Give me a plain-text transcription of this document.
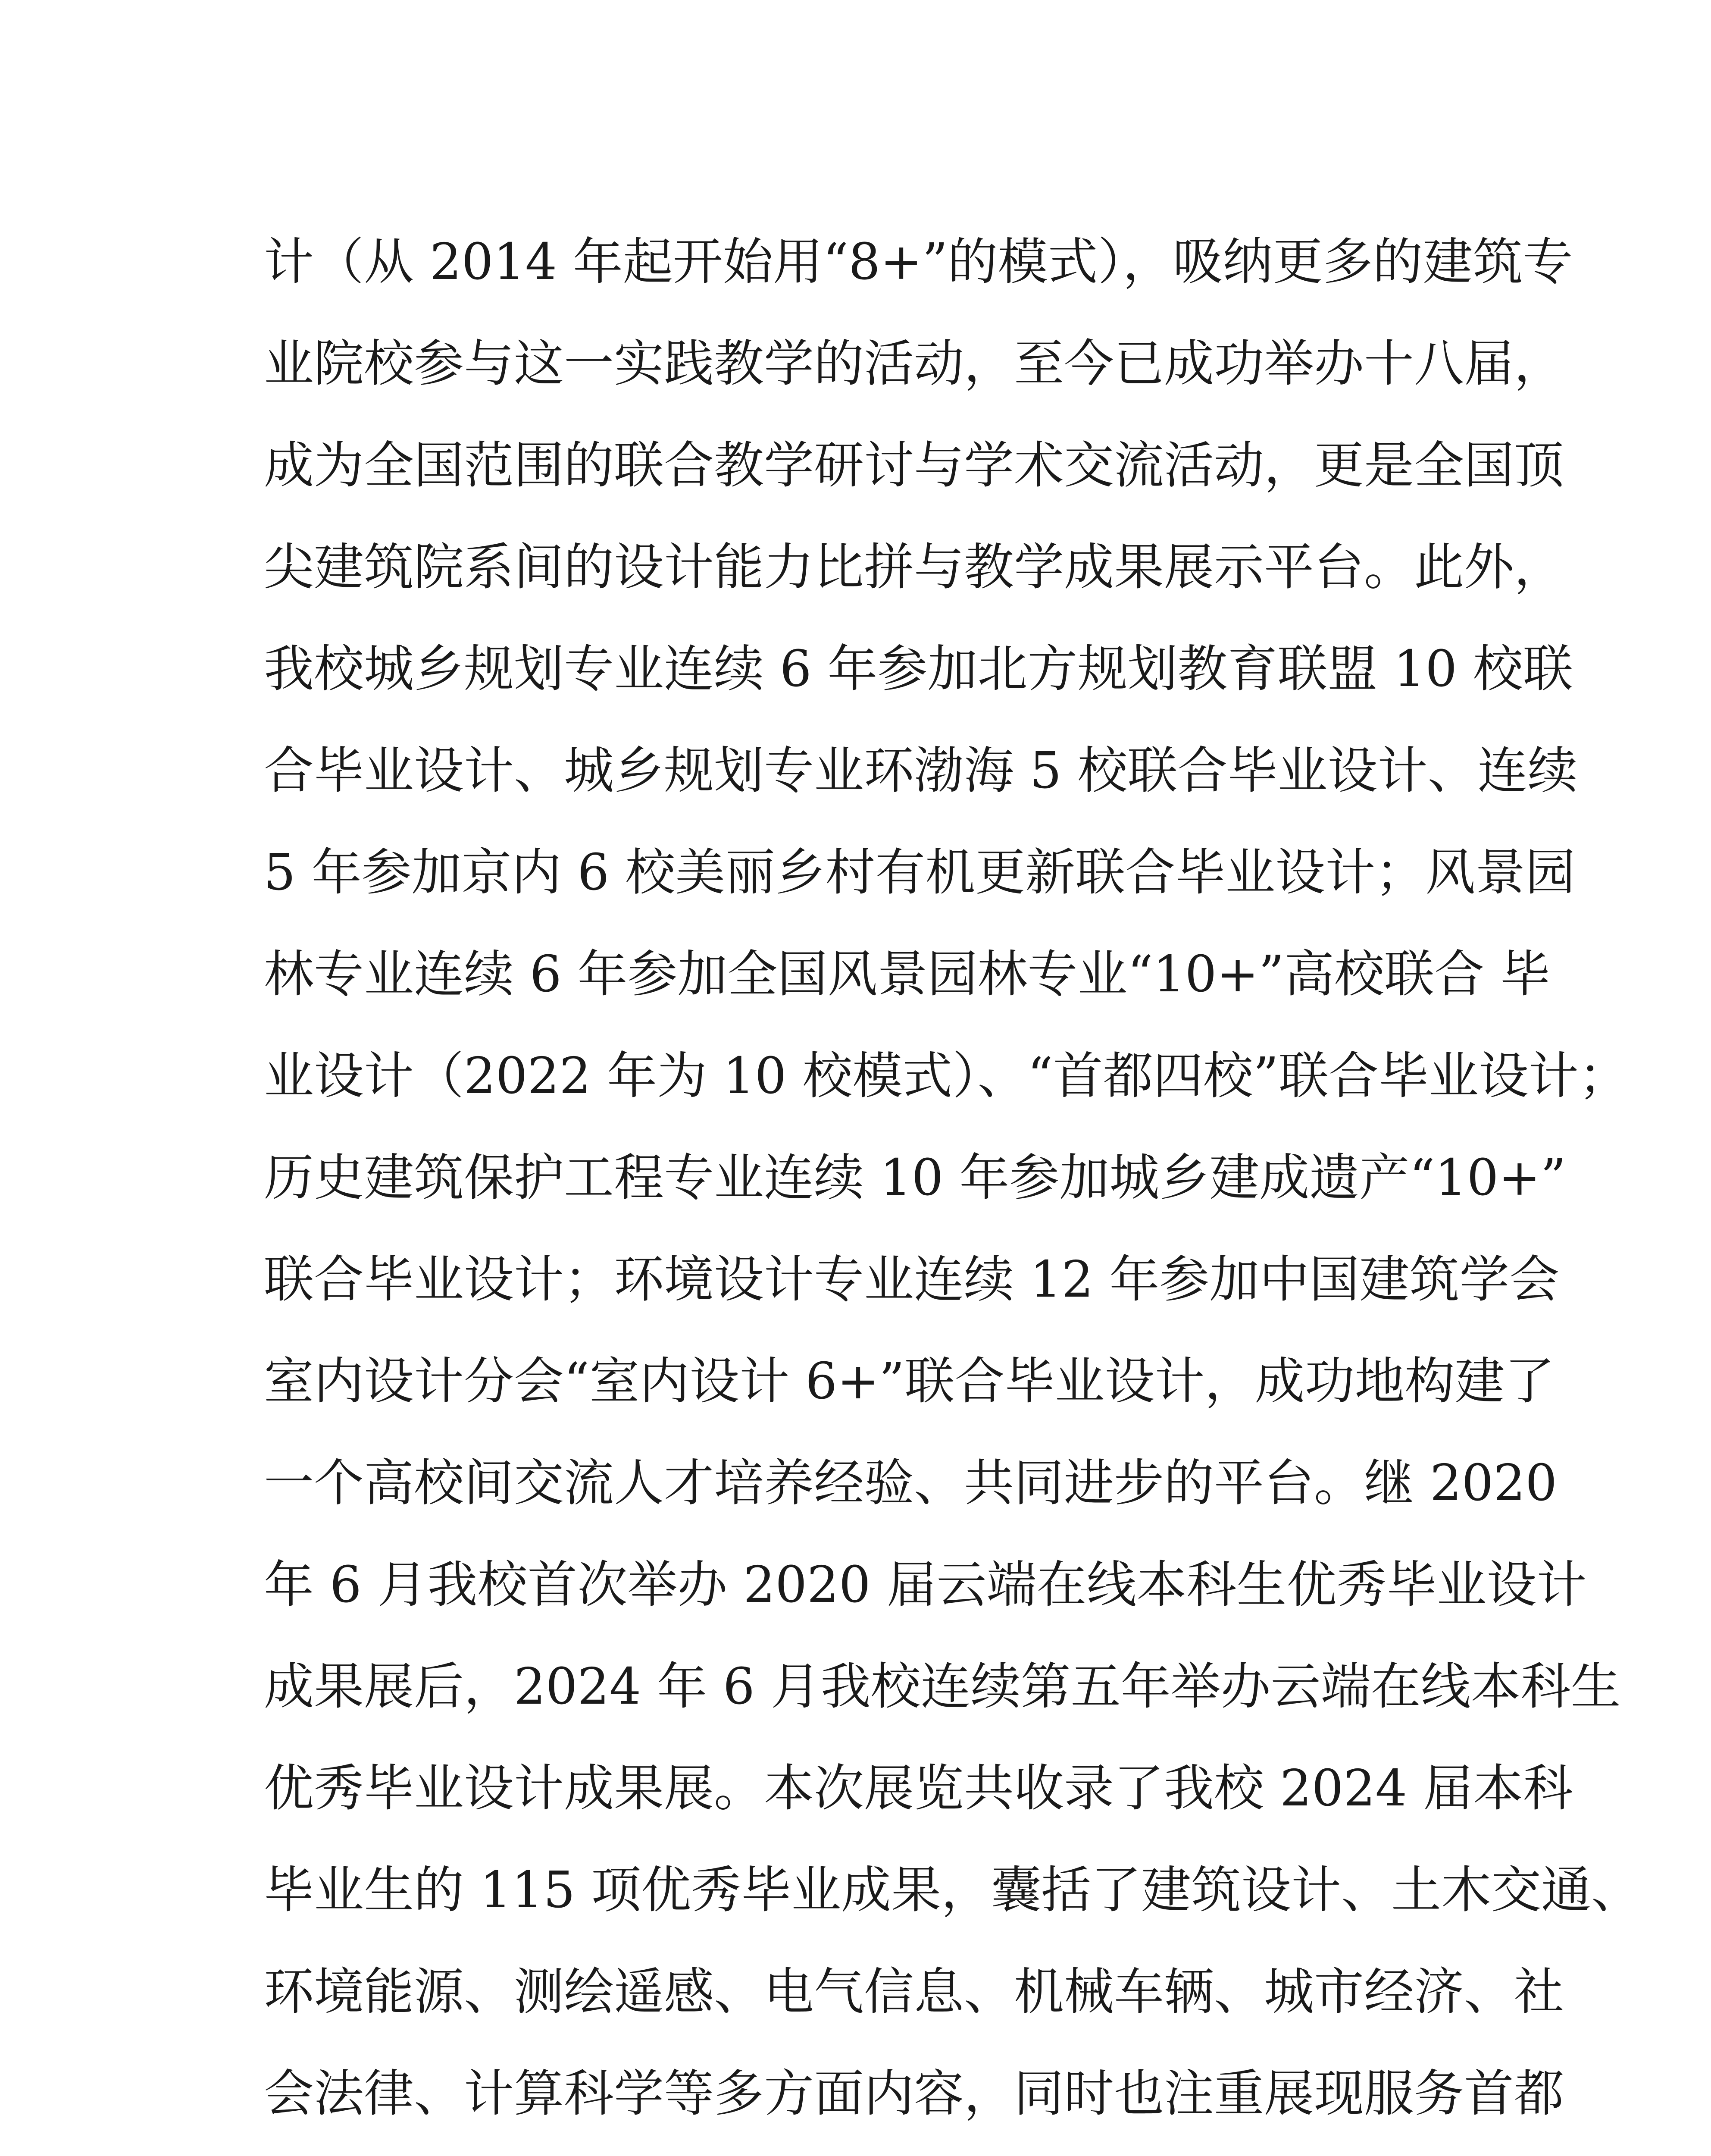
计（从 2014 年起开始用“8+”的模式），吸纳更多的建筑专
业院校参与这一实践教学的活动，至今已成功举办十八届，
成为全国范围的联合教学研讨与学术交流活动，更是全国顶
尖建筑院系间的设计能力比拼与教学成果展示平台。此外，
我校城乡规划专业连续 6 年参加北方规划教育联盟 10 校联
合毕业设计、城乡规划专业环渤海 5 校联合毕业设计、连续
5 年参加京内 6 校美丽乡村有机更新联合毕业设计；风景园
林专业连续 6 年参加全国风景园林专业“10+”高校联合 毕
业设计（2022 年为 10 校模式）、“首都四校”联合毕业设计；
历史建筑保护工程专业连续 10 年参加城乡建成遗产“10+”
联合毕业设计；环境设计专业连续 12 年参加中国建筑学会
室内设计分会“室内设计 6+”联合毕业设计，成功地构建了
一个高校间交流人才培养经验、共同进步的平台。继 2020
年 6 月我校首次举办 2020 届云端在线本科生优秀毕业设计
成果展后，2024 年 6 月我校连续第五年举办云端在线本科生
优秀毕业设计成果展。本次展览共收录了我校 2024 届本科
毕业生的 115 项优秀毕业成果，囊括了建筑设计、土木交通、
环境能源、测绘遥感、电气信息、机械车辆、城市经济、社
会法律、计算科学等多方面内容，同时也注重展现服务首都
